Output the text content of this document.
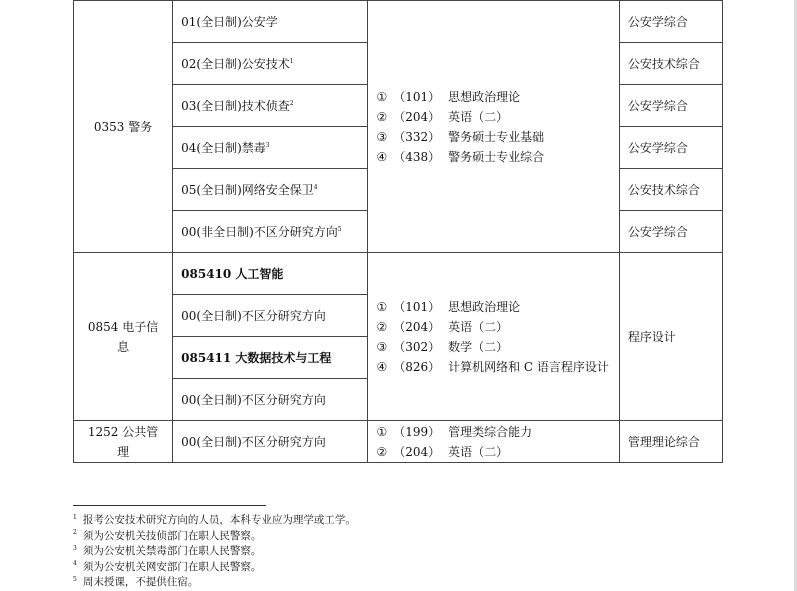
0353 警务	01(全日制)公安学	① （101） 思想政治理论
② （204） 英语（二）
③ （332） 警务硕士专业基础
④ （438） 警务硕士专业综合	公安学综合
	02(全日制)公安技术$^1$		公安技术综合
	03(全日制)技术侦查$^2$		公安学综合
	04(全日制)禁毒$^3$		公安学综合
	05(全日制)网络安全保卫$^4$		公安技术综合
	00(非全日制)不区分研究方向$^5$		公安学综合
0854 电子信息	085410 人工智能	① （101） 思想政治理论
② （204） 英语（二）
③ （302） 数学（二）
④ （826） 计算机网络和 C 语言程序设计	程序设计
	00(全日制)不区分研究方向		
	085411 大数据技术与工程		
	00(全日制)不区分研究方向		
1252 公共管理	00(全日制)不区分研究方向	① （199） 管理类综合能力
② （204） 英语（二）	管理理论综合
$^1$ 报考公安技术研究方向的人员，本科专业应为理学或工学。
$^2$ 须为公安机关技侦部门在职人民警察。
$^3$ 须为公安机关禁毒部门在职人民警察。
$^4$ 须为公安机关网安部门在职人民警察。
$^5$ 周末授课，不提供住宿。
